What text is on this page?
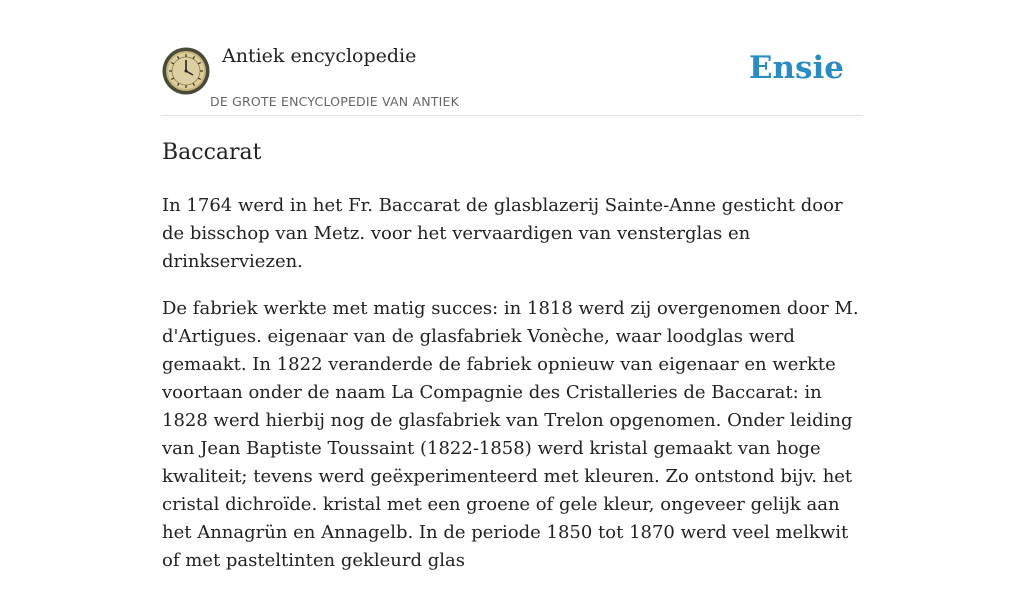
Antiek encyclopedie
DE GROTE ENCYCLOPEDIE VAN ANTIEK
Ensie
Baccarat

In 1764 werd in het Fr. Baccarat de glasblazerij Sainte-Anne gesticht door de bisschop van Metz. voor het vervaardigen van vensterglas en drinkserviezen.

De fabriek werkte met matig succes: in 1818 werd zij overgenomen door M. d'Artigues. eigenaar van de glasfabriek Vonèche, waar loodglas werd gemaakt. In 1822 veranderde de fabriek opnieuw van eigenaar en werkte voortaan onder de naam La Compagnie des Cristalleries de Baccarat: in 1828 werd hierbij nog de glasfabriek van Trelon opgenomen. Onder leiding van Jean Baptiste Toussaint (1822-1858) werd kristal gemaakt van hoge kwaliteit; tevens werd geëxperimenteerd met kleuren. Zo ontstond bijv. het cristal dichroïde. kristal met een groene of gele kleur, ongeveer gelijk aan het Annagrün en Annagelb. In de periode 1850 tot 1870 werd veel melkwit of met pasteltinten gekleurd glas
